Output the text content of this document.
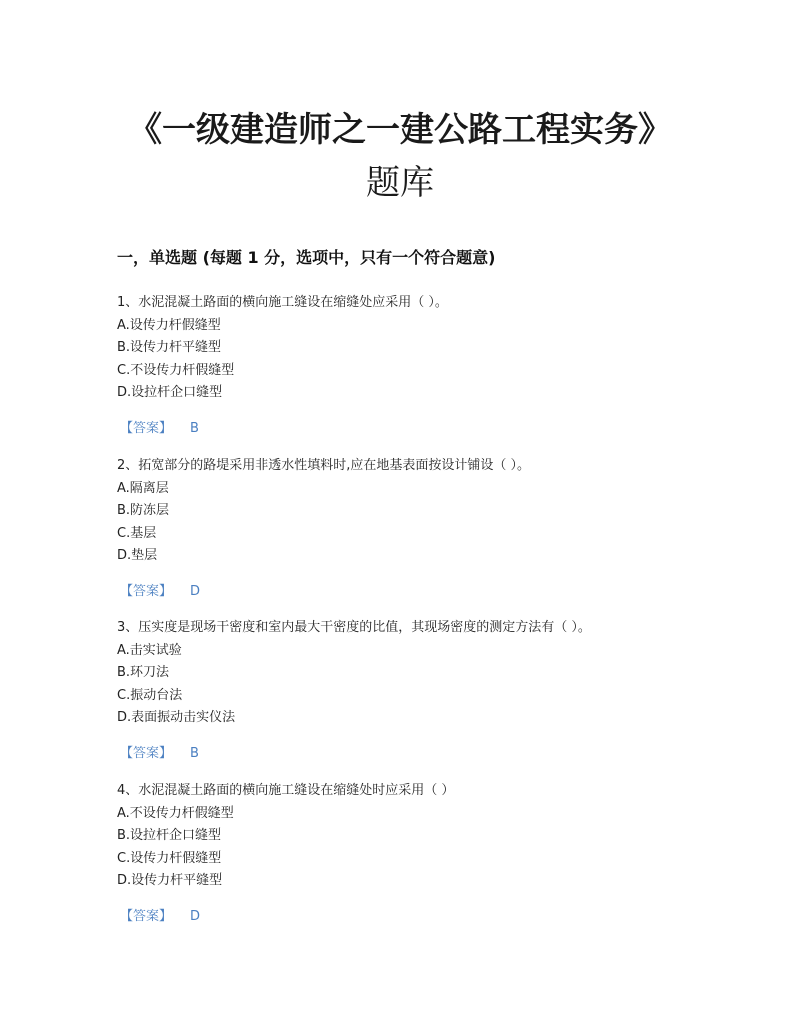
《一级建造师之一建公路工程实务》
题库
一，单选题 (每题 1 分，选项中，只有一个符合题意)
1、水泥混凝土路面的横向施工缝设在缩缝处应采用（ ）。
A.设传力杆假缝型
B.设传力杆平缝型
C.不设传力杆假缝型
D.设拉杆企口缝型
【答案】 B
2、拓宽部分的路堤采用非透水性填料时,应在地基表面按设计铺设（ ）。
A.隔离层
B.防冻层
C.基层
D.垫层
【答案】 D
3、压实度是现场干密度和室内最大干密度的比值，其现场密度的测定方法有（ ）。
A.击实试验
B.环刀法
C.振动台法
D.表面振动击实仪法
【答案】 B
4、水泥混凝土路面的横向施工缝设在缩缝处时应采用（ ）
A.不设传力杆假缝型
B.设拉杆企口缝型
C.设传力杆假缝型
D.设传力杆平缝型
【答案】 D
